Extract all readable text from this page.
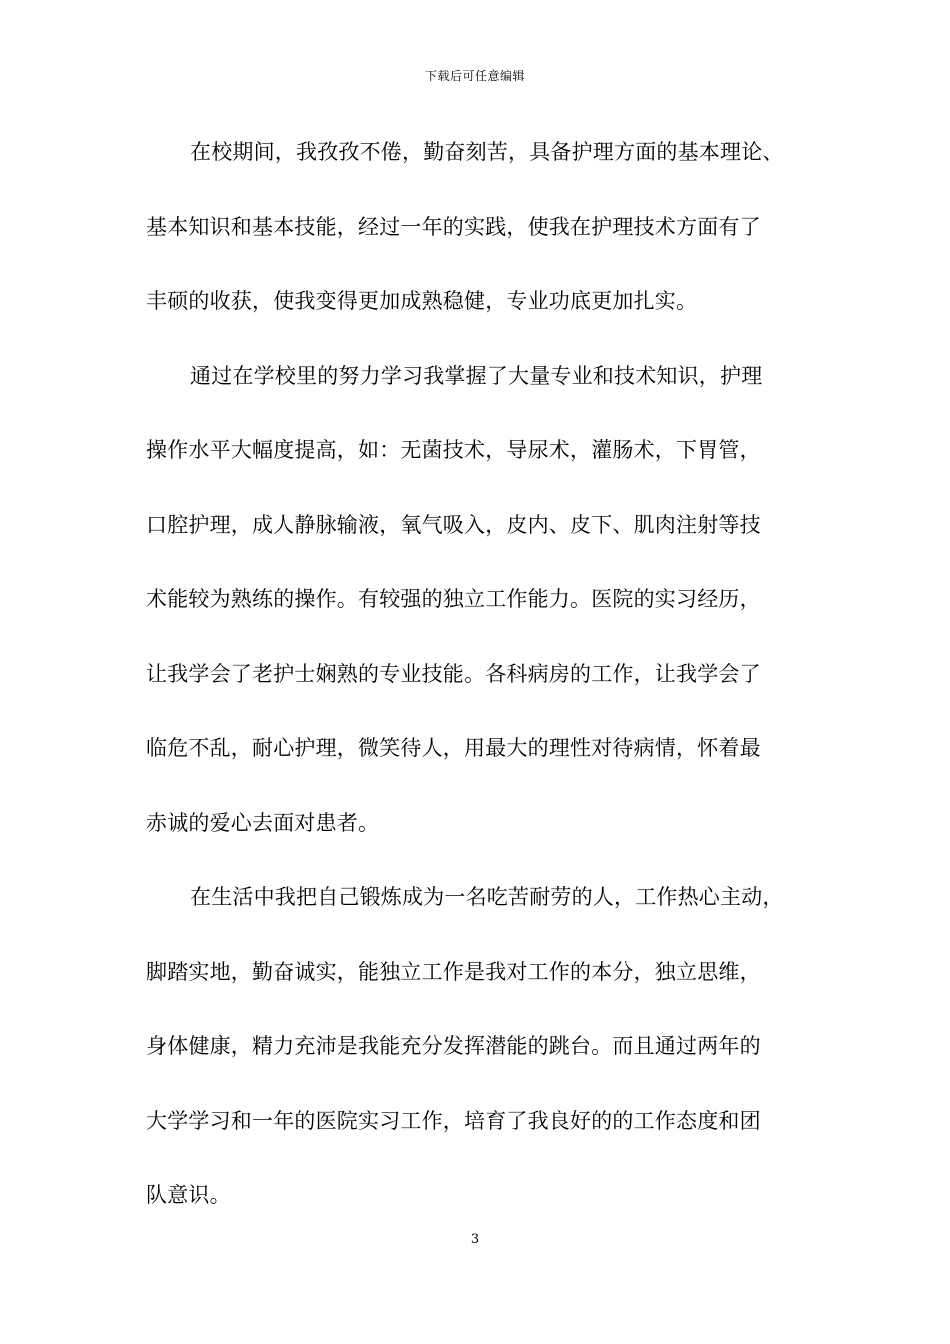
下载后可任意编辑
在校期间，我孜孜不倦，勤奋刻苦，具备护理方面的基本理论、
基本知识和基本技能，经过一年的实践，使我在护理技术方面有了
丰硕的收获，使我变得更加成熟稳健，专业功底更加扎实。
通过在学校里的努力学习我掌握了大量专业和技术知识，护理
操作水平大幅度提高，如：无菌技术，导尿术，灌肠术，下胃管，
口腔护理，成人静脉输液，氧气吸入，皮内、皮下、肌肉注射等技
术能较为熟练的操作。有较强的独立工作能力。医院的实习经历，
让我学会了老护士娴熟的专业技能。各科病房的工作，让我学会了
临危不乱，耐心护理，微笑待人，用最大的理性对待病情，怀着最
赤诚的爱心去面对患者。
在生活中我把自己锻炼成为一名吃苦耐劳的人，工作热心主动，
脚踏实地，勤奋诚实，能独立工作是我对工作的本分，独立思维，
身体健康，精力充沛是我能充分发挥潜能的跳台。而且通过两年的
大学学习和一年的医院实习工作，培育了我良好的的工作态度和团
队意识。
3
